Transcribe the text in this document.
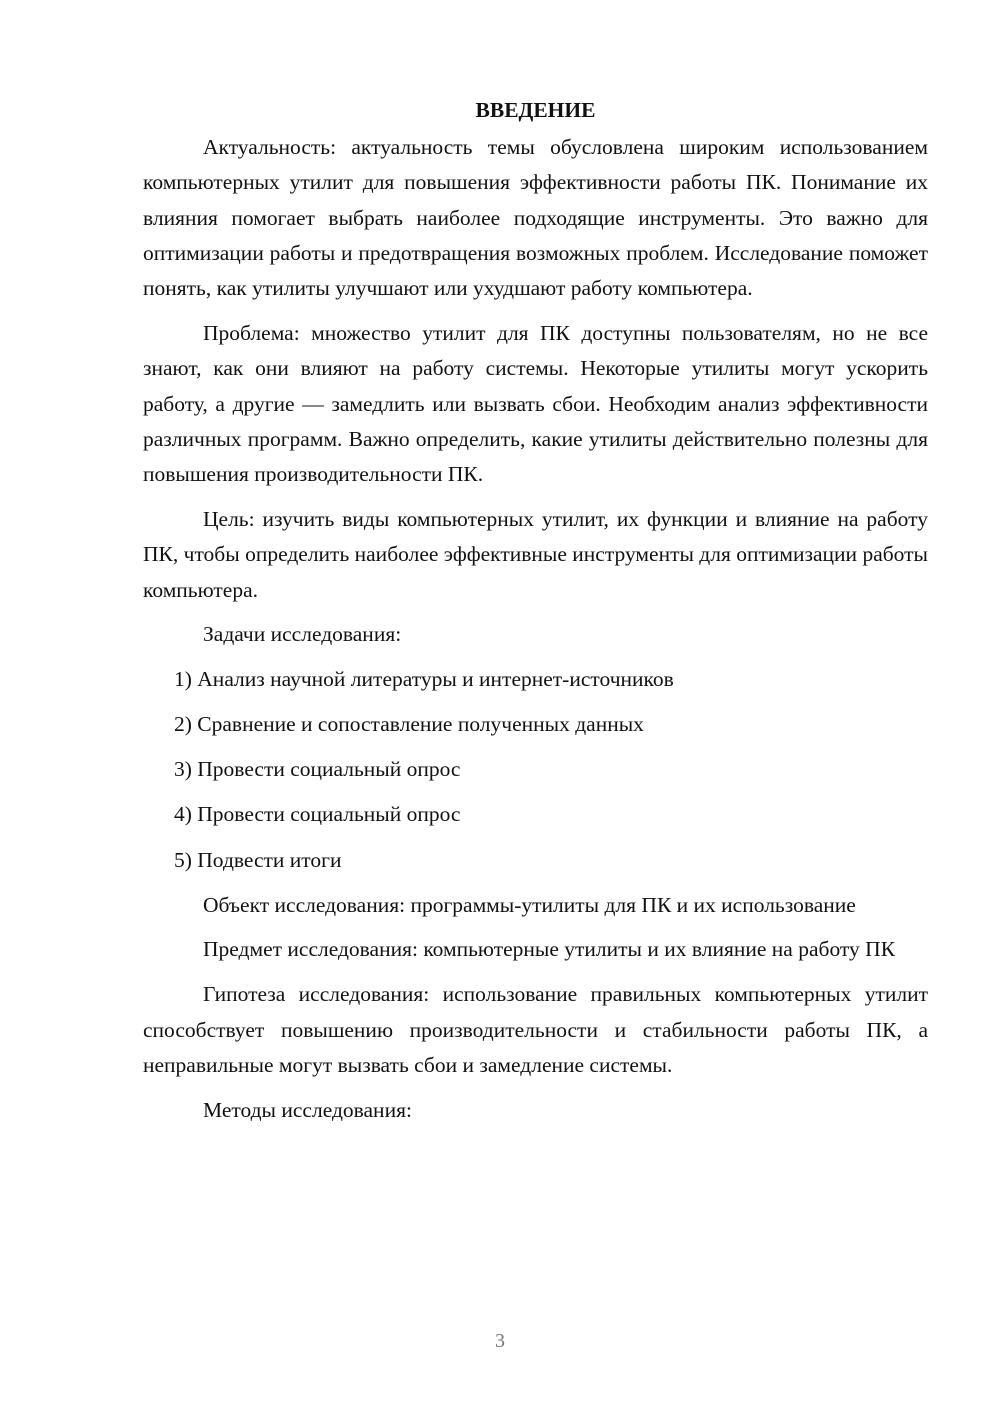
ВВЕДЕНИЕ

Актуальность: актуальность темы обусловлена широким использованием компьютерных утилит для повышения эффективности работы ПК. Понимание их влияния помогает выбрать наиболее подходящие инструменты. Это важно для оптимизации работы и предотвращения возможных проблем. Исследование поможет понять, как утилиты улучшают или ухудшают работу компьютера.

Проблема: множество утилит для ПК доступны пользователям, но не все знают, как они влияют на работу системы. Некоторые утилиты могут ускорить работу, а другие — замедлить или вызвать сбои. Необходим анализ эффективности различных программ. Важно определить, какие утилиты действительно полезны для повышения производительности ПК.

Цель: изучить виды компьютерных утилит, их функции и влияние на работу ПК, чтобы определить наиболее эффективные инструменты для оптимизации работы компьютера.

Задачи исследования:

1) Анализ научной литературы и интернет-источников
2) Сравнение и сопоставление полученных данных
3) Провести социальный опрос
4) Провести социальный опрос
5) Подвести итоги

Объект исследования: программы-утилиты для ПК и их использование

Предмет исследования: компьютерные утилиты и их влияние на работу ПК

Гипотеза исследования: использование правильных компьютерных утилит способствует повышению производительности и стабильности работы ПК, а неправильные могут вызвать сбои и замедление системы.

Методы исследования:

3
